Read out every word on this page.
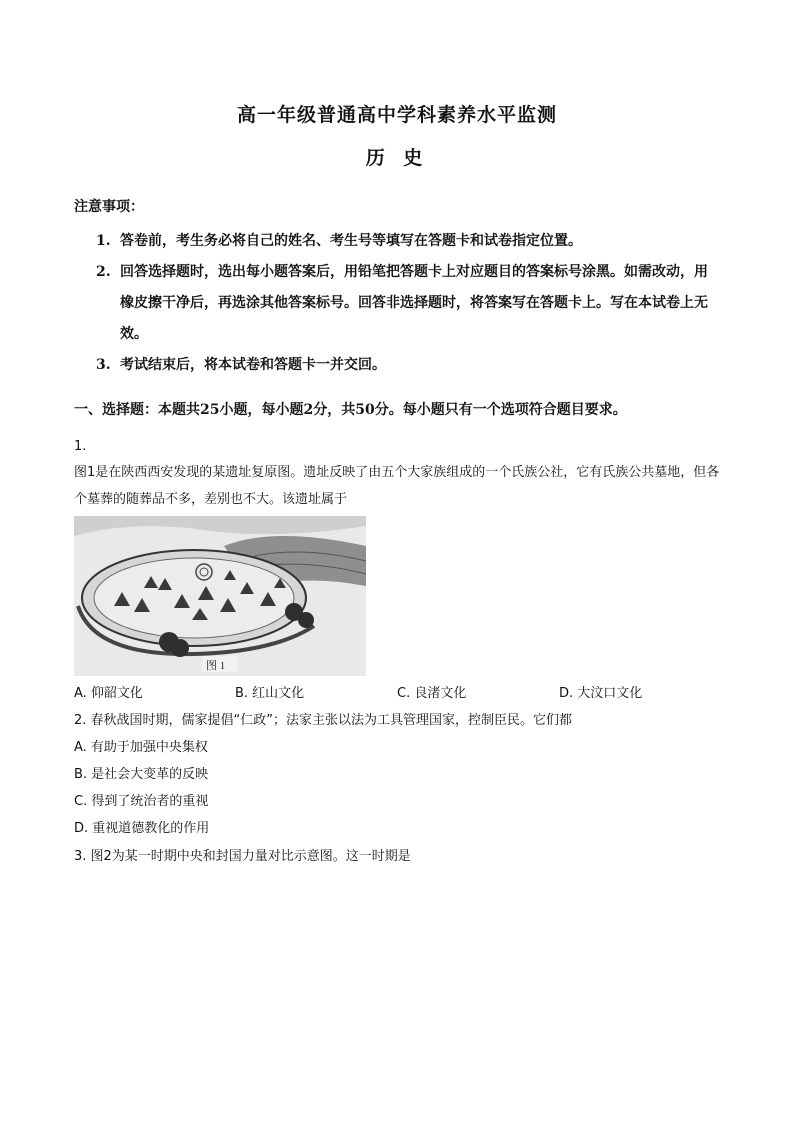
高一年级普通高中学科素养水平监测
历 史
注意事项：
1. 答卷前，考生务必将自己的姓名、考生号等填写在答题卡和试卷指定位置。
2. 回答选择题时，选出每小题答案后，用铅笔把答题卡上对应题目的答案标号涂黑。如需改动，用橡皮擦干净后，再选涂其他答案标号。回答非选择题时，将答案写在答题卡上。写在本试卷上无效。
3. 考试结束后，将本试卷和答题卡一并交回。
一、选择题：本题共25小题，每小题2分，共50分。每小题只有一个选项符合题目要求。
1.
图1是在陕西西安发现的某遗址复原图。遗址反映了由五个大家族组成的一个氏族公社，它有氏族公共墓地，但各个墓葬的随葬品不多，差别也不大。该遗址属于
图 1
A. 仰韶文化	B. 红山文化	C. 良渚文化	D. 大汶口文化
2. 春秋战国时期，儒家提倡“仁政”；法家主张以法为工具管理国家，控制臣民。它们都
A. 有助于加强中央集权
B. 是社会大变革的反映
C. 得到了统治者的重视
D. 重视道德教化的作用
3. 图2为某一时期中央和封国力量对比示意图。这一时期是
